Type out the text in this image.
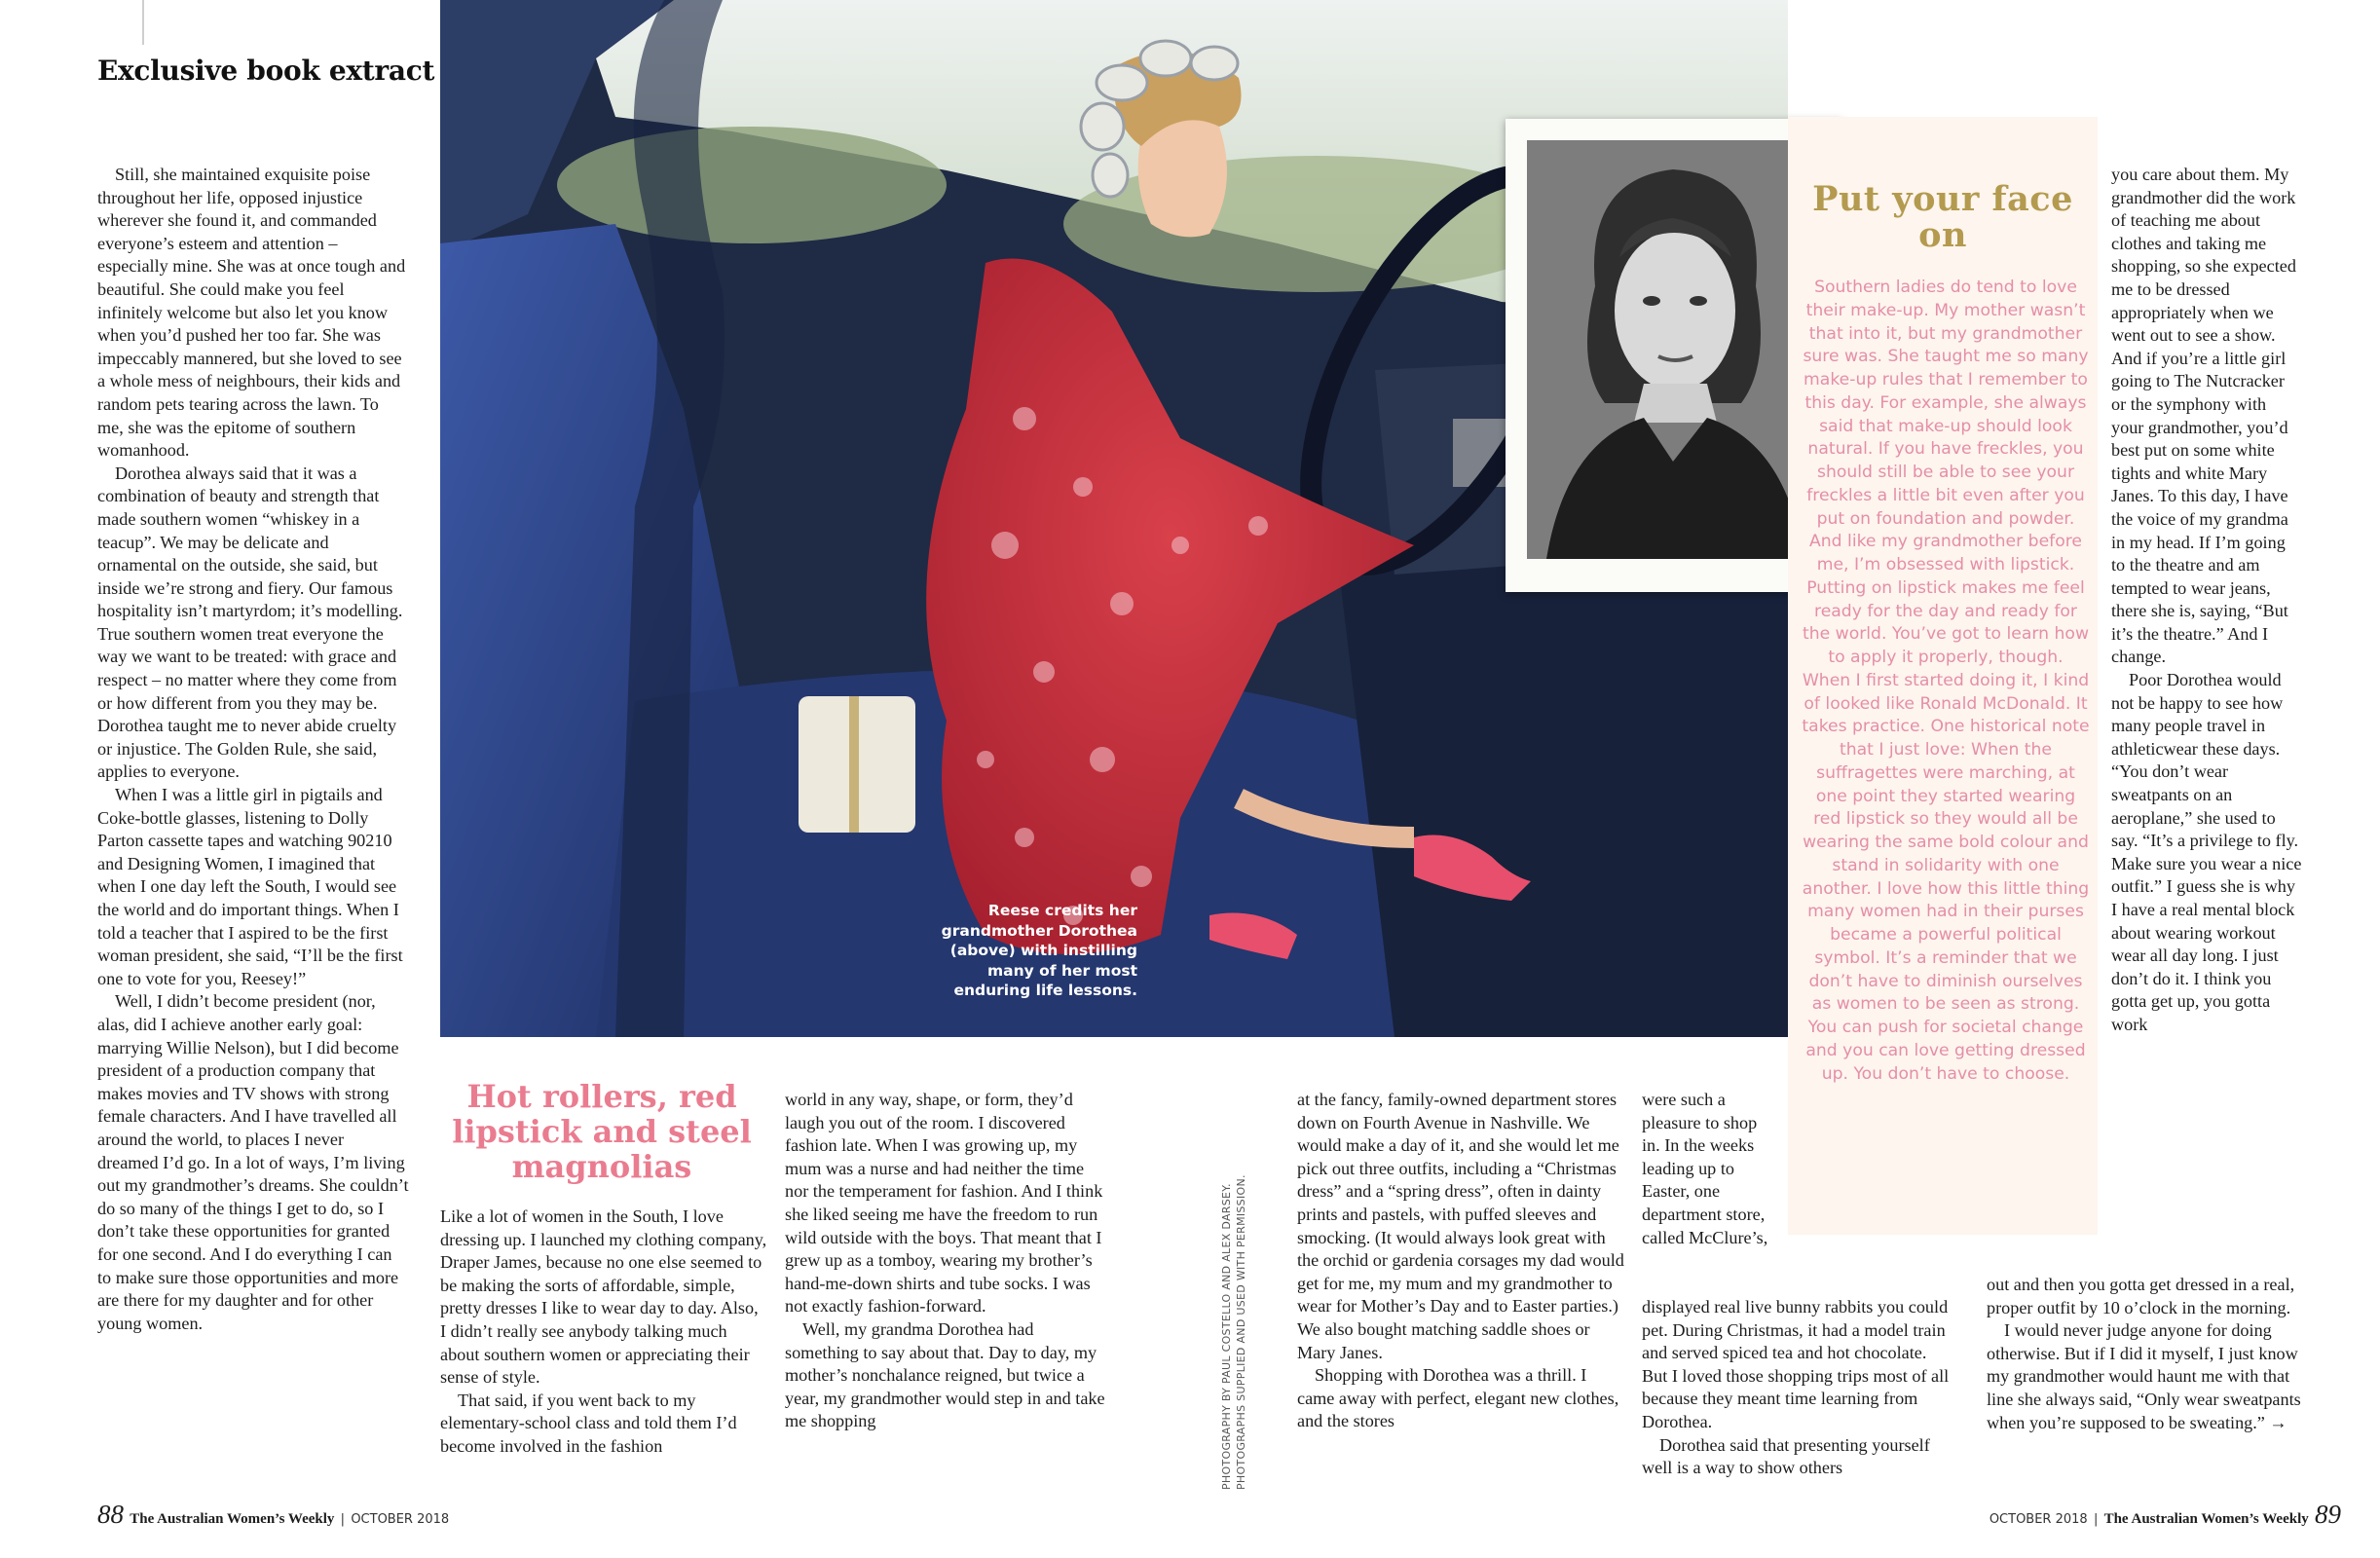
Exclusive book extract

Still, she maintained exquisite poise throughout her life, opposed injustice wherever she found it, and commanded everyone’s esteem and attention – especially mine. She was at once tough and beautiful. She could make you feel infinitely welcome but also let you know when you’d pushed her too far. She was impeccably mannered, but she loved to see a whole mess of neighbours, their kids and random pets tearing across the lawn. To me, she was the epitome of southern womanhood.

Dorothea always said that it was a combination of beauty and strength that made southern women “whiskey in a teacup”. We may be delicate and ornamental on the outside, she said, but inside we’re strong and fiery. Our famous hospitality isn’t martyrdom; it’s modelling. True southern women treat everyone the way we want to be treated: with grace and respect – no matter where they come from or how different from you they may be. Dorothea taught me to never abide cruelty or injustice. The Golden Rule, she said, applies to everyone.

When I was a little girl in pigtails and Coke-bottle glasses, listening to Dolly Parton cassette tapes and watching 90210 and Designing Women, I imagined that when I one day left the South, I would see the world and do important things. When I told a teacher that I aspired to be the first woman president, she said, “I’ll be the first one to vote for you, Reesey!”

Well, I didn’t become president (nor, alas, did I achieve another early goal: marrying Willie Nelson), but I did become president of a production company that makes movies and TV shows with strong female characters. And I have travelled all around the world, to places I never dreamed I’d go. In a lot of ways, I’m living out my grandmother’s dreams. She couldn’t do so many of the things I get to do, so I don’t take these opportunities for granted for one second. And I do everything I can to make sure those opportunities and more are there for my daughter and for other young women.

Reese credits her grandmother Dorothea (above) with instilling many of her most enduring life lessons.
Put your face on
Southern ladies do tend to love their make-up. My mother wasn’t that into it, but my grandmother sure was. She taught me so many make-up rules that I remember to this day. For example, she always said that make-up should look natural. If you have freckles, you should still be able to see your freckles a little bit even after you put on foundation and powder. And like my grandmother before me, I’m obsessed with lipstick. Putting on lipstick makes me feel ready for the day and ready for the world. You’ve got to learn how to apply it properly, though. When I first started doing it, I kind of looked like Ronald McDonald. It takes practice. One historical note that I just love: When the suffragettes were marching, at one point they started wearing red lipstick so they would all be wearing the same bold colour and stand in solidarity with one another. I love how this little thing many women had in their purses became a powerful political symbol. It’s a reminder that we don’t have to diminish ourselves as women to be seen as strong. You can push for societal change and you can love getting dressed up. You don’t have to choose.

you care about them. My grandmother did the work of teaching me about clothes and taking me shopping, so she expected me to be dressed appropriately when we went out to see a show. And if you’re a little girl going to The Nutcracker or the symphony with your grandmother, you’d best put on some white tights and white Mary Janes. To this day, I have the voice of my grandma in my head. If I’m going to the theatre and am tempted to wear jeans, there she is, saying, “But it’s the theatre.” And I change.

Poor Dorothea would not be happy to see how many people travel in athleticwear these days. “You don’t wear sweatpants on an aeroplane,” she used to say. “It’s a privilege to fly. Make sure you wear a nice outfit.” I guess she is why I have a real mental block about wearing workout wear all day long. I just don’t do it. I think you gotta get up, you gotta work

Hot rollers, red lipstick and steel magnolias

Like a lot of women in the South, I love dressing up. I launched my clothing company, Draper James, because no one else seemed to be making the sorts of affordable, simple, pretty dresses I like to wear day to day. Also, I didn’t really see anybody talking much about southern women or appreciating their sense of style.

That said, if you went back to my elementary-school class and told them I’d become involved in the fashion

world in any way, shape, or form, they’d laugh you out of the room. I discovered fashion late. When I was growing up, my mum was a nurse and had neither the time nor the temperament for fashion. And I think she liked seeing me have the freedom to run wild outside with the boys. That meant that I grew up as a tomboy, wearing my brother’s hand-me-down shirts and tube socks. I was not exactly fashion-forward.

Well, my grandma Dorothea had something to say about that. Day to day, my mother’s nonchalance reigned, but twice a year, my grandmother would step in and take me shopping	PHOTOGRAPHY BY PAUL COSTELLO AND ALEX DARSEY. PHOTOGRAPHS SUPPLIED AND USED WITH PERMISSION.

at the fancy, family-owned department stores down on Fourth Avenue in Nashville. We would make a day of it, and she would let me pick out three outfits, including a “Christmas dress” and a “spring dress”, often in dainty prints and pastels, with puffed sleeves and smocking. (It would always look great with the orchid or gardenia corsages my dad would get for me, my mum and my grandmother to wear for Mother’s Day and to Easter parties.) We also bought matching saddle shoes or Mary Janes.

Shopping with Dorothea was a thrill. I came away with perfect, elegant new clothes, and the stores

were such a pleasure to shop in. In the weeks leading up to Easter, one department store, called McClure’s,

displayed real live bunny rabbits you could pet. During Christmas, it had a model train and served spiced tea and hot chocolate. But I loved those shopping trips most of all because they meant time learning from Dorothea.

Dorothea said that presenting yourself well is a way to show others

out and then you gotta get dressed in a real, proper outfit by 10 o’clock in the morning.

I would never judge anyone for doing otherwise. But if I did it myself, I just know my grandmother would haunt me with that line she always said, “Only wear sweatpants when you’re supposed to be sweating.” →

88 The Australian Women’s Weekly | OCTOBER 2018	OCTOBER 2018 | The Australian Women’s Weekly 89
